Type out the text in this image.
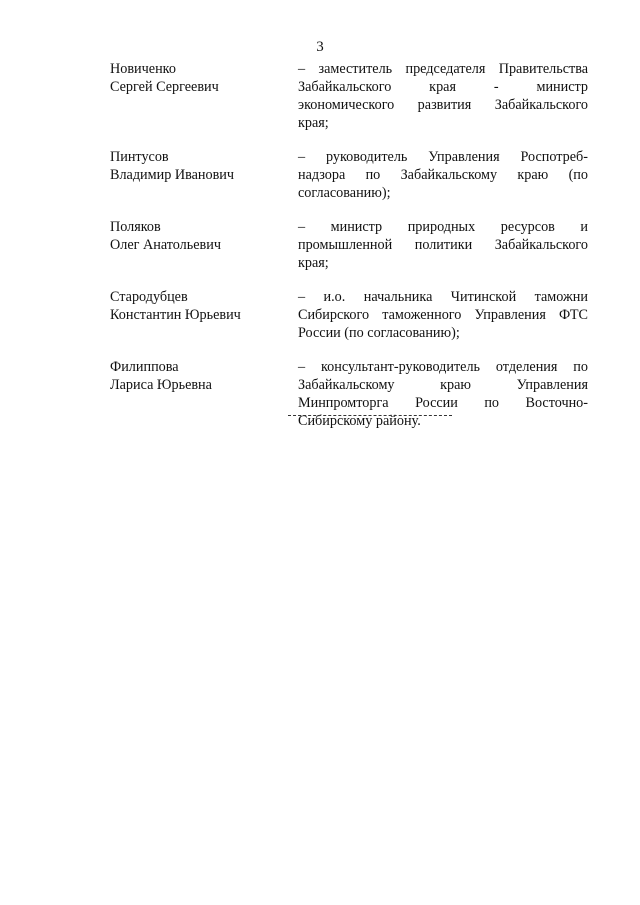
3
Новиченко
Сергей Сергеевич
– заместитель председателя Правительства
Забайкальского края - министр
экономического развития Забайкальского
края;
Пинтусов
Владимир Иванович
– руководитель Управления Роспотреб-
надзора по Забайкальскому краю (по
согласованию);
Поляков
Олег Анатольевич
– министр природных ресурсов и
промышленной политики Забайкальского
края;
Стародубцев
Константин Юрьевич
– и.о. начальника Читинской таможни
Сибирского таможенного Управления ФТС
России (по согласованию);
Филиппова
Лариса Юрьевна
– консультант-руководитель отделения по
Забайкальскому краю Управления
Минпромторга России по Восточно-
Сибирскому району.
